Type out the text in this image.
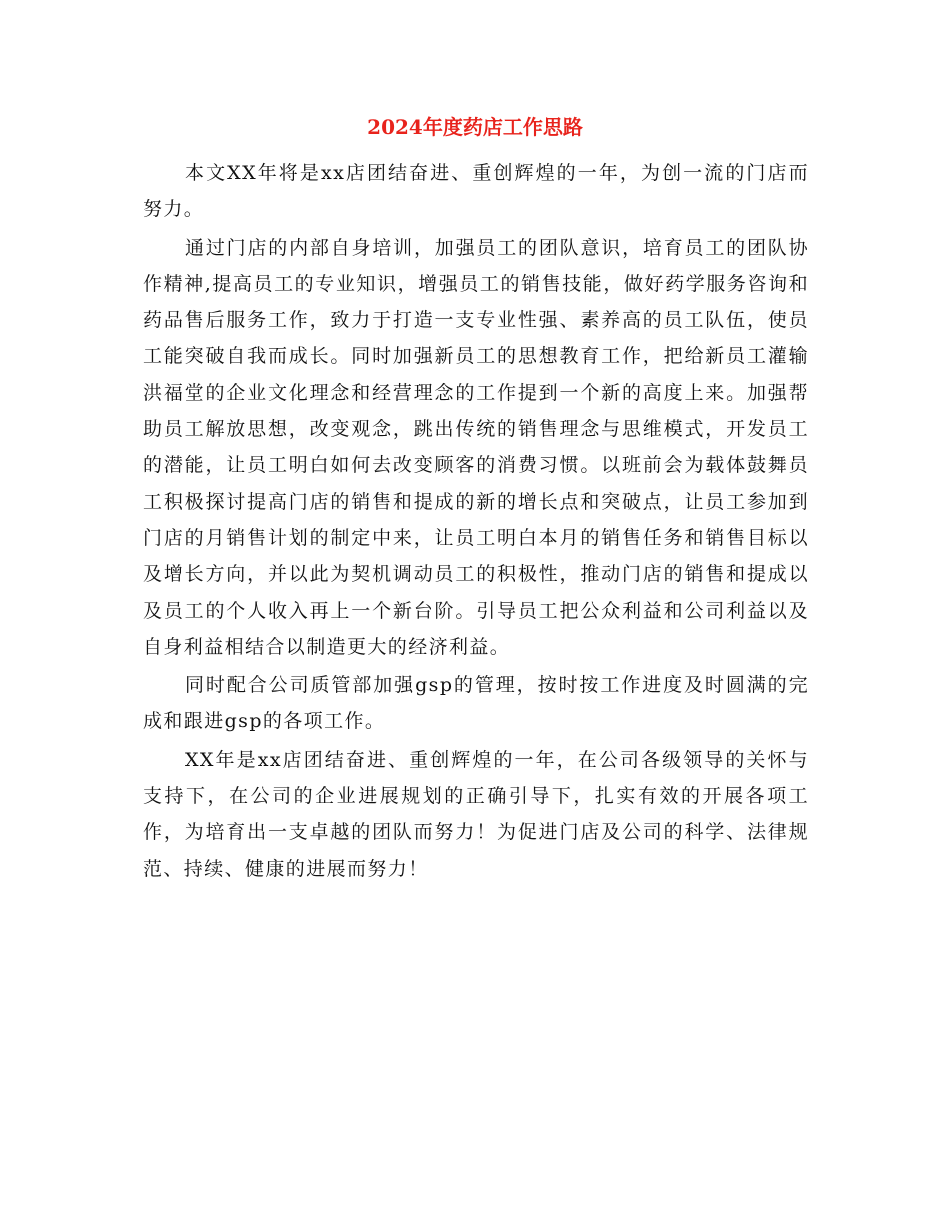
2024年度药店工作思路

本文XX年将是xx店团结奋进、重创辉煌的一年，为创一流的门店而努力。

通过门店的内部自身培训，加强员工的团队意识，培育员工的团队协作精神,提高员工的专业知识，增强员工的销售技能，做好药学服务咨询和药品售后服务工作，致力于打造一支专业性强、素养高的员工队伍，使员工能突破自我而成长。同时加强新员工的思想教育工作，把给新员工灌输洪福堂的企业文化理念和经营理念的工作提到一个新的高度上来。加强帮助员工解放思想，改变观念，跳出传统的销售理念与思维模式，开发员工的潜能，让员工明白如何去改变顾客的消费习惯。以班前会为载体鼓舞员工积极探讨提高门店的销售和提成的新的增长点和突破点，让员工参加到门店的月销售计划的制定中来，让员工明白本月的销售任务和销售目标以及增长方向，并以此为契机调动员工的积极性，推动门店的销售和提成以及员工的个人收入再上一个新台阶。引导员工把公众利益和公司利益以及自身利益相结合以制造更大的经济利益。

同时配合公司质管部加强gsp的管理，按时按工作进度及时圆满的完成和跟进gsp的各项工作。

XX年是xx店团结奋进、重创辉煌的一年，在公司各级领导的关怀与支持下，在公司的企业进展规划的正确引导下，扎实有效的开展各项工作，为培育出一支卓越的团队而努力！为促进门店及公司的科学、法律规范、持续、健康的进展而努力！
